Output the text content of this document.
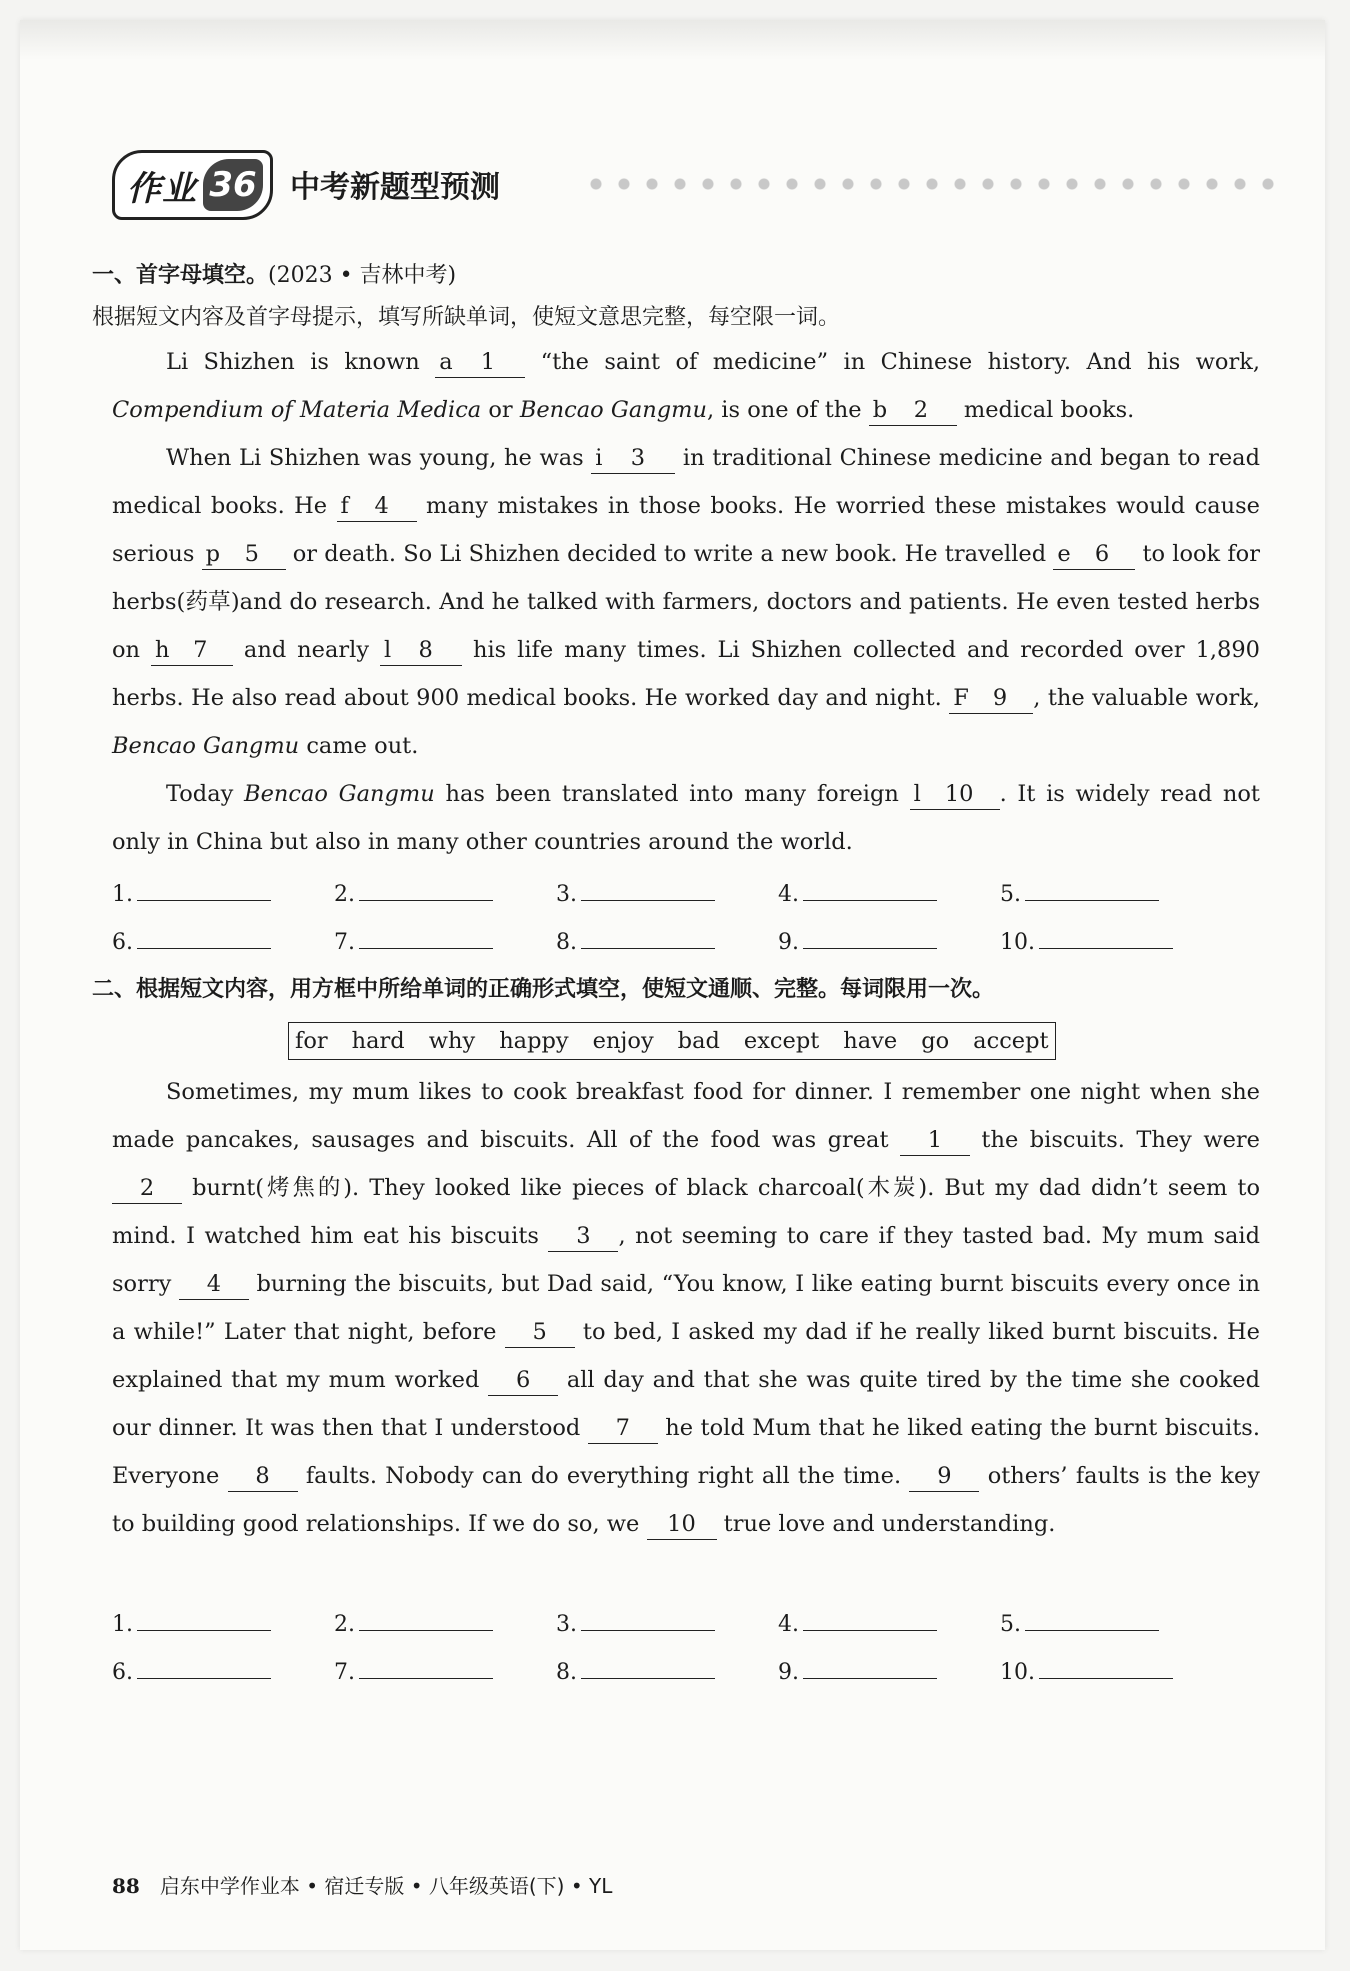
作业 36 中考新题型预测
一、首字母填空。(2023 • 吉林中考)
根据短文内容及首字母提示，填写所缺单词，使短文意思完整，每空限一词。

Li Shizhen is known a 1 “the saint of medicine” in Chinese history. And his work, Compendium of Materia Medica or Bencao Gangmu, is one of the b 2 medical books.

When Li Shizhen was young, he was i 3 in traditional Chinese medicine and began to read medical books. He f 4 many mistakes in those books. He worried these mistakes would cause serious p 5 or death. So Li Shizhen decided to write a new book. He travelled e 6 to look for herbs(药草)and do research. And he talked with farmers, doctors and patients. He even tested herbs on h 7 and nearly l 8 his life many times. Li Shizhen collected and recorded over 1,890 herbs. He also read about 900 medical books. He worked day and night. F 9 , the valuable work, Bencao Gangmu came out.

Today Bencao Gangmu has been translated into many foreign l 10 . It is widely read not only in China but also in many other countries around the world.

1.	2.	3.	4.	5.
6.	7.	8.	9.	10.
二、根据短文内容，用方框中所给单词的正确形式填空，使短文通顺、完整。每词限用一次。
for hard why happy enjoy bad except have go accept

Sometimes, my mum likes to cook breakfast food for dinner. I remember one night when she made pancakes, sausages and biscuits. All of the food was great 1 the biscuits. They were 2 burnt(烤焦的). They looked like pieces of black charcoal(木炭). But my dad didn’t seem to mind. I watched him eat his biscuits 3 , not seeming to care if they tasted bad. My mum said sorry 4 burning the biscuits, but Dad said, “You know, I like eating burnt biscuits every once in a while!” Later that night, before 5 to bed, I asked my dad if he really liked burnt biscuits. He explained that my mum worked 6 all day and that she was quite tired by the time she cooked our dinner. It was then that I understood 7 he told Mum that he liked eating the burnt biscuits. Everyone 8 faults. Nobody can do everything right all the time. 9 others’ faults is the key to building good relationships. If we do so, we 10 true love and understanding.

1.	2.	3.	4.	5.
6.	7.	8.	9.	10.
88 启东中学作业本 • 宿迁专版 • 八年级英语(下) • YL
